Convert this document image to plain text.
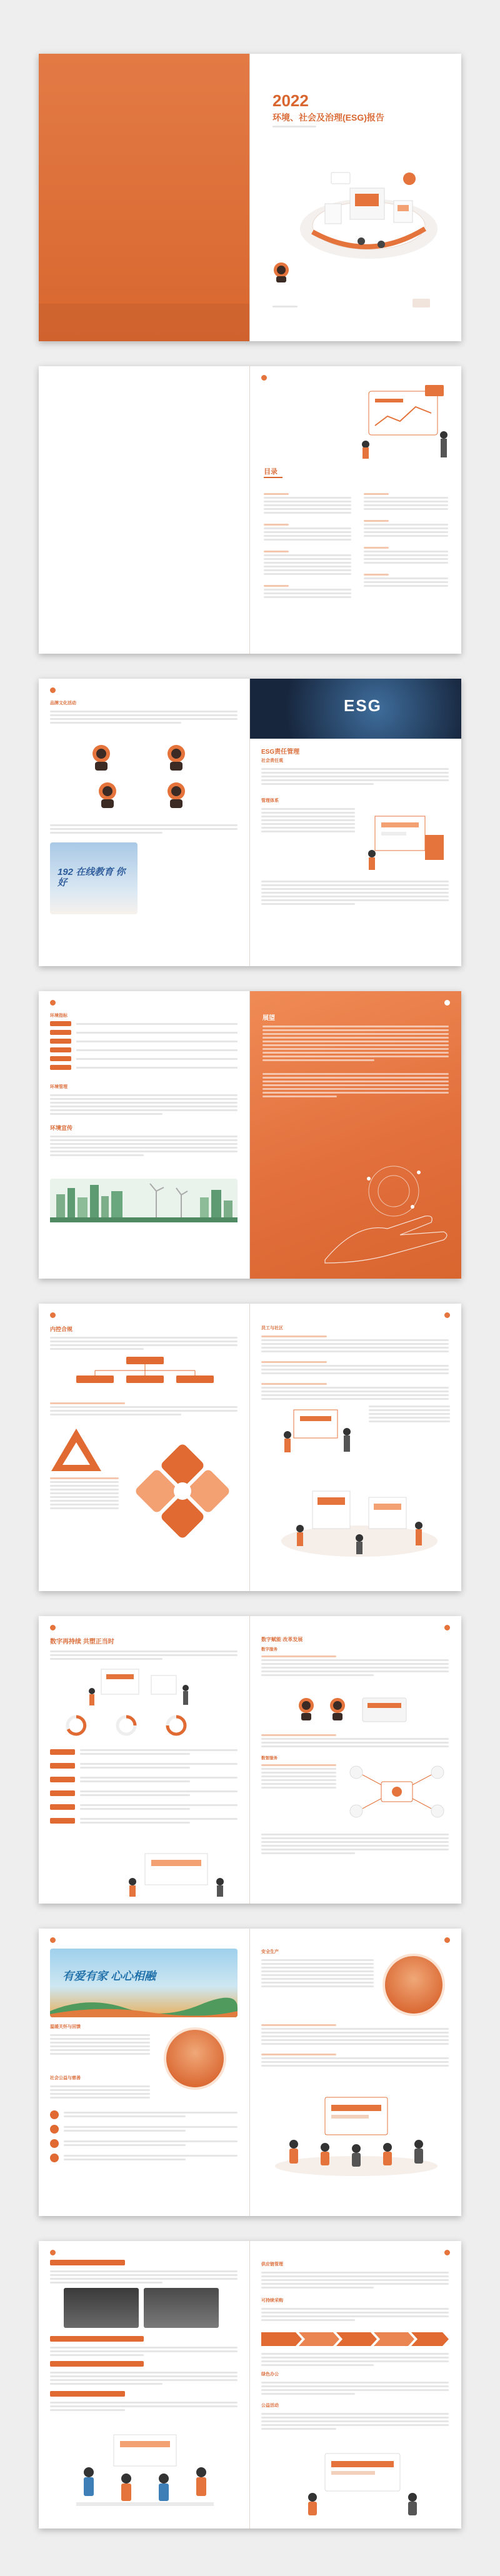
2022
环境、社会及治理(ESG)报告
目录
品牌文化活动
192 在线教育 你好
ESG
ESG责任管理
社会责任观
管理体系
环境指标
环境管理
环境宣传
展望
内控合规	员工与社区
数字再持续 共塑正当时	数字赋能 改革发展
数字服务
数智服务
有爱有家 心心相融
温暖关怀与回馈
社会公益与慈善
安全生产
供应链管理
可持续采购
绿色办公
公益活动
